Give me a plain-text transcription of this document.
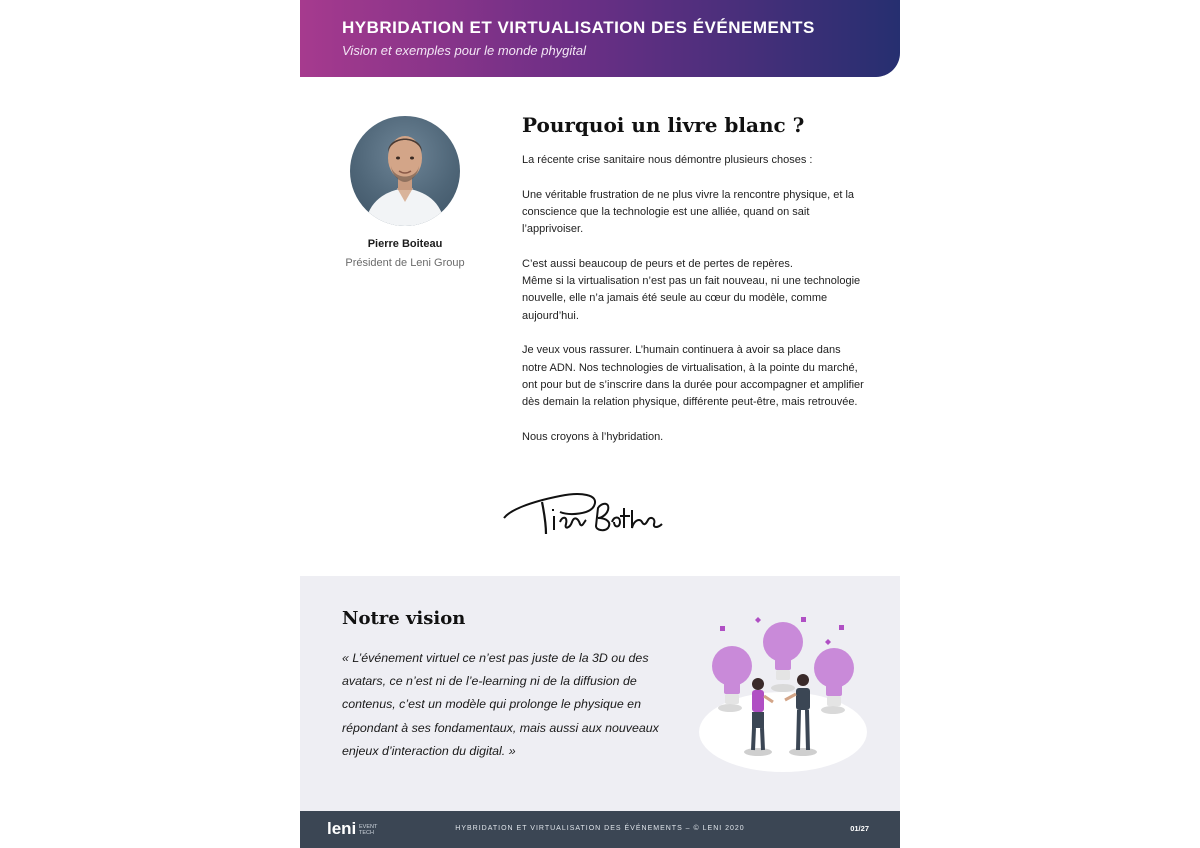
HYBRIDATION ET VIRTUALISATION DES ÉVÉNEMENTS
Vision et exemples pour le monde phygital
Pierre Boiteau
Président de Leni Group
Pourquoi un livre blanc ?

La récente crise sanitaire nous démontre plusieurs choses :

Une véritable frustration de ne plus vivre la rencontre physique, et la conscience que la technologie est une alliée, quand on sait l’apprivoiser.

C’est aussi beaucoup de peurs et de pertes de repères.
Même si la virtualisation n’est pas un fait nouveau, ni une technologie nouvelle, elle n’a jamais été seule au cœur du modèle, comme aujourd’hui.

Je veux vous rassurer. L’humain continuera à avoir sa place dans notre ADN. Nos technologies de virtualisation, à la pointe du marché, ont pour but de s’inscrire dans la durée pour accompagner et amplifier dès demain la relation physique, différente peut-être, mais retrouvée.

Nous croyons à l’hybridation.

Notre vision
« L’événement virtuel ce n’est pas juste de la 3D ou des avatars, ce n’est ni de l’e-learning ni de la diffusion de contenus, c’est un modèle qui prolonge le physique en répondant à ses fondamentaux, mais aussi aux nouveaux enjeux d’interaction du digital. »
leni EVENT
TECH
HYBRIDATION ET VIRTUALISATION DES ÉVÉNEMENTS – © LENI 2020	01/27
